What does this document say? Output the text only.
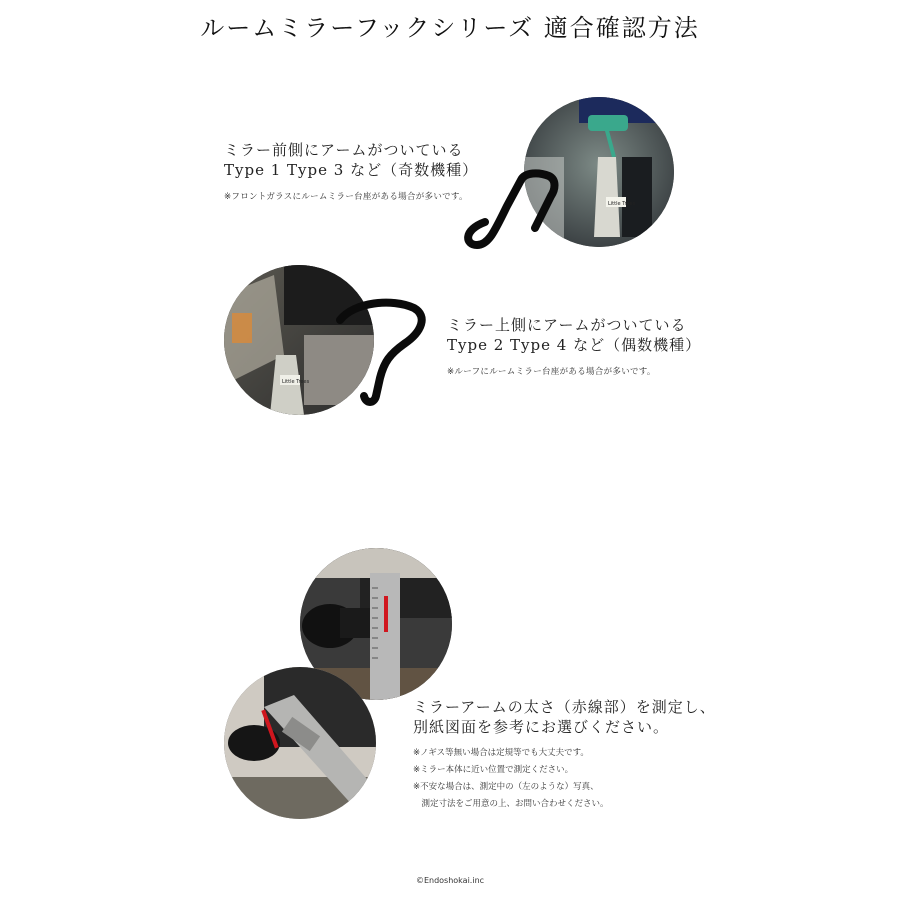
ルームミラーフックシリーズ 適合確認方法
ミラー前側にアームがついている
Type 1 Type 3 など（奇数機種）
※フロントガラスにルームミラー台座がある場合が多いです。
Little Trees
Little Trees
ミラー上側にアームがついている
Type 2 Type 4 など（偶数機種）
※ルーフにルームミラー台座がある場合が多いです。
ミラーアームの太さ（赤線部）を測定し、
別紙図面を参考にお選びください。
※ノギス等無い場合は定規等でも大丈夫です。
※ミラー本体に近い位置で測定ください。
※不安な場合は、測定中の（左のような）写真、
　測定寸法をご用意の上、お問い合わせください。
©Endoshokai.inc
